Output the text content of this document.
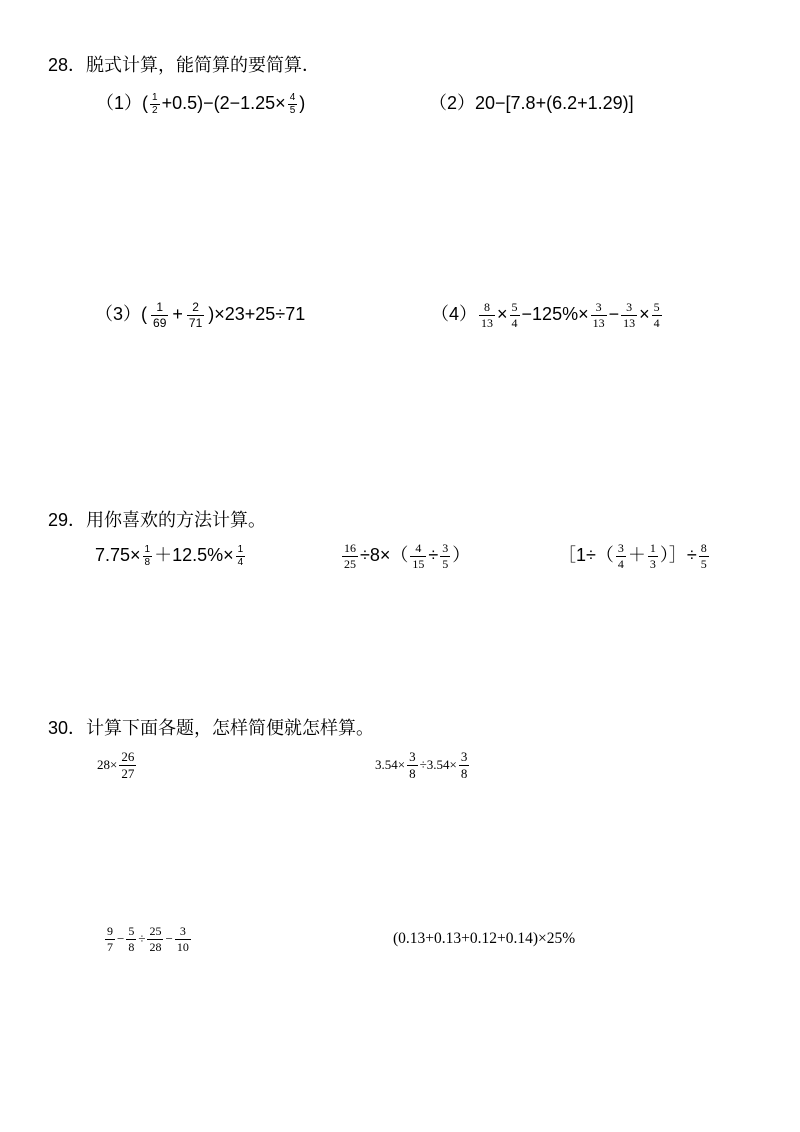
28．脱式计算，能简算的要简算．
（1） ( $\frac{1}{2} +0.5)-(2-1.25\times \frac{4}{5}$ )	（2） 20−[7.8+(6.2+1.29)]
（3） ( $\frac{1}{69} + \frac{2}{71} )\times 23+25\div 71$	$(4) \frac{8}{13} \times \frac{5}{4} -125\%\times \frac{3}{13} - \frac{3}{13} \times \frac{5}{4}$
29．用你喜欢的方法计算。
$7.75\times \frac{1}{8} +12.5\%\times \frac{1}{4}$	$\frac{16}{25} \div 8\times( \frac{4}{15} \div \frac{3}{5}$ ）	［1÷（ $\frac{3}{4} + \frac{1}{3}$ ）］÷ $\frac{8}{5}$
30．计算下面各题，怎样简便就怎样算。
$28\times \frac{26}{27}$	$3.54\times \frac{3}{8} \div 3.54\times \frac{3}{8}$
$\frac{9}{7} - \frac{5}{8} \div \frac{25}{28} - \frac{3}{10}$	(0.13+0.13+0.12+0.14)×25%
